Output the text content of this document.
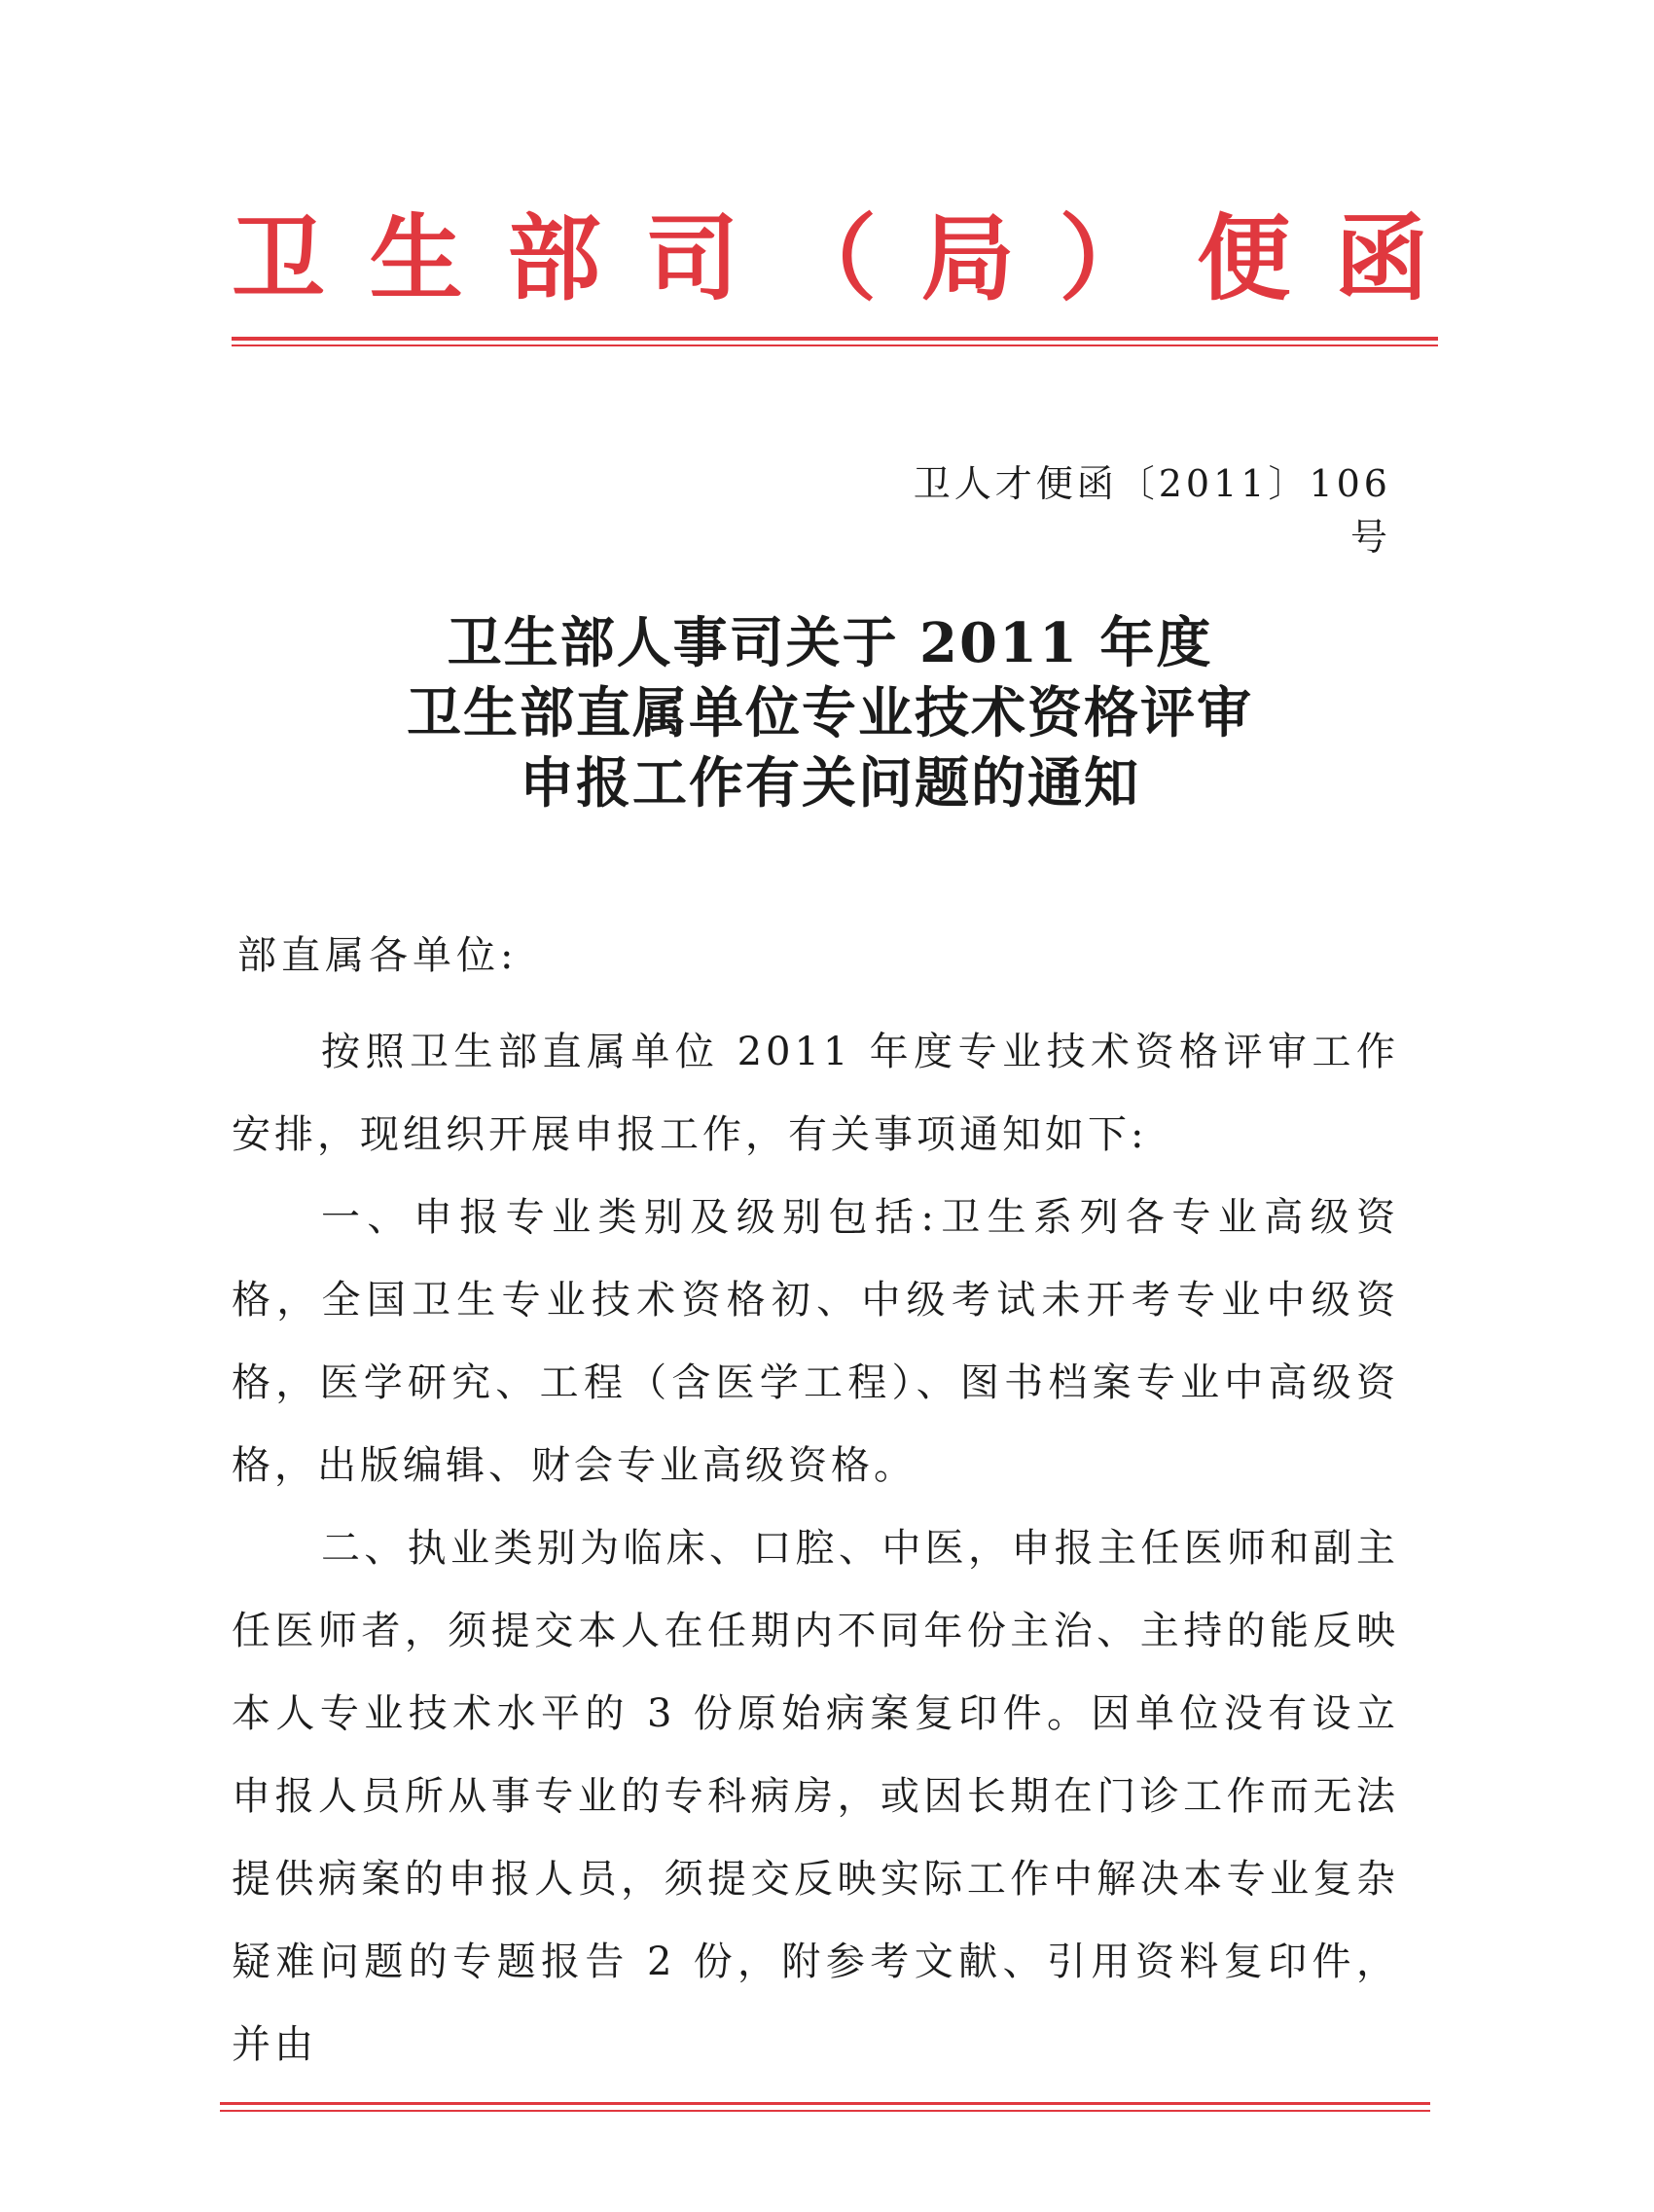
卫 生 部 司 （ 局 ） 便 函
卫人才便函〔2011〕106 号
卫生部人事司关于 2011 年度
卫生部直属单位专业技术资格评审
申报工作有关问题的通知
部直属各单位:

按照卫生部直属单位 2011 年度专业技术资格评审工作安排，现组织开展申报工作，有关事项通知如下:

一、申报专业类别及级别包括:卫生系列各专业高级资格，全国卫生专业技术资格初、中级考试未开考专业中级资格，医学研究、工程（含医学工程）、图书档案专业中高级资格，出版编辑、财会专业高级资格。

二、执业类别为临床、口腔、中医，申报主任医师和副主任医师者，须提交本人在任期内不同年份主治、主持的能反映本人专业技术水平的 3 份原始病案复印件。因单位没有设立申报人员所从事专业的专科病房，或因长期在门诊工作而无法提供病案的申报人员，须提交反映实际工作中解决本专业复杂疑难问题的专题报告 2 份，附参考文献、引用资料复印件，并由
